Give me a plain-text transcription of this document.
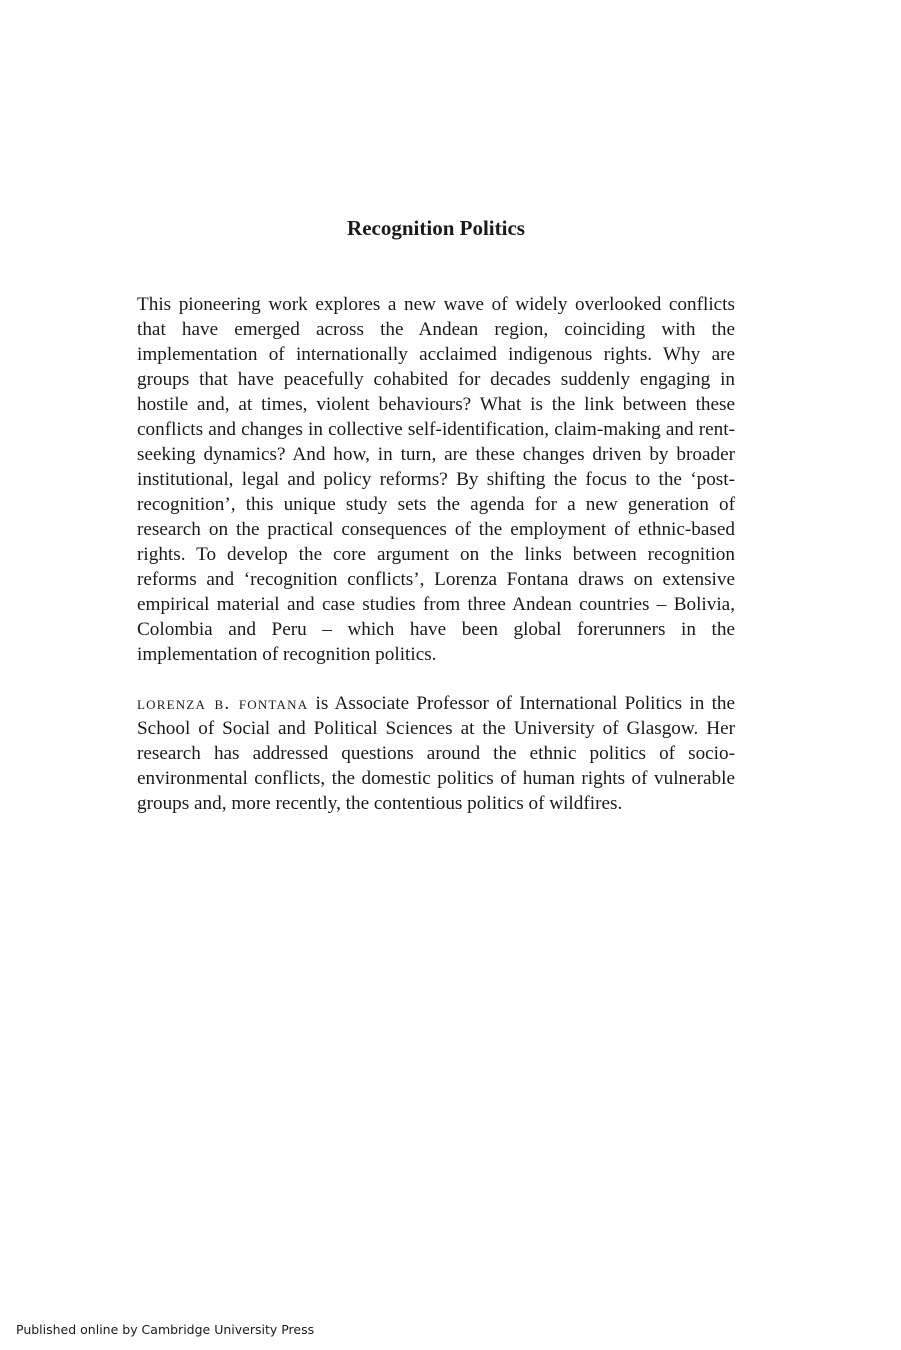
Recognition Politics

This pioneering work explores a new wave of widely overlooked conflicts that have emerged across the Andean region, coinciding with the implementation of internationally acclaimed indigenous rights. Why are groups that have peacefully cohabited for decades suddenly engaging in hostile and, at times, violent behaviours? What is the link between these conflicts and changes in collective self-identification, claim-making and rent-seeking dynamics? And how, in turn, are these changes driven by broader institutional, legal and policy reforms? By shifting the focus to the ‘post-recognition’, this unique study sets the agenda for a new generation of research on the practical consequences of the employment of ethnic-based rights. To develop the core argument on the links between recognition reforms and ‘recognition conflicts’, Lorenza Fontana draws on extensive empirical material and case studies from three Andean countries – Bolivia, Colombia and Peru – which have been global forerunners in the implementation of recognition politics.

lorenza b. fontana is Associate Professor of International Politics in the School of Social and Political Sciences at the University of Glasgow. Her research has addressed questions around the ethnic politics of socio-environmental conflicts, the domestic politics of human rights of vulnerable groups and, more recently, the contentious politics of wildfires.

Published online by Cambridge University Press
